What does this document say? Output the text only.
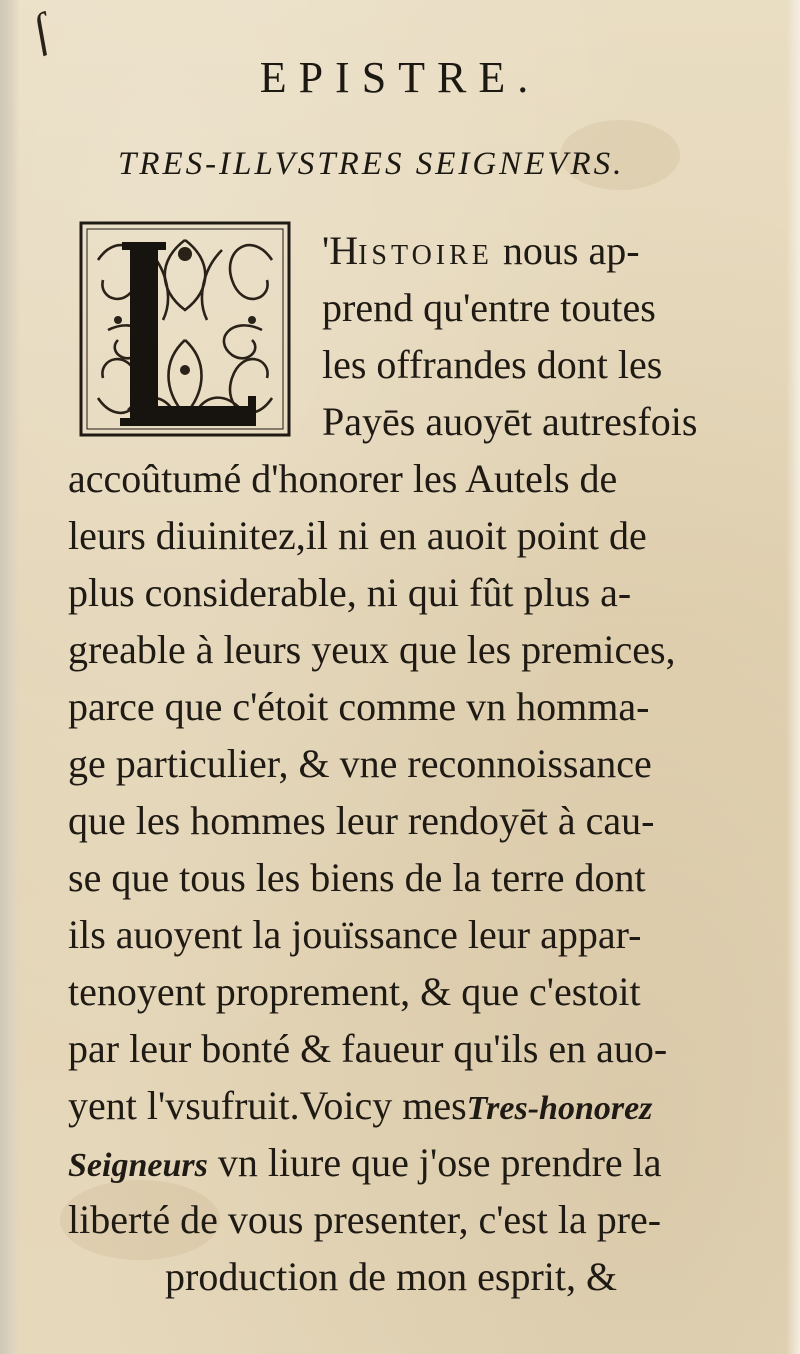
ſ
EPISTRE.
TRES-ILLVSTRES SEIGNEVRS.
'Histoire nous ap-
prend qu'entre toutes
les offrandes dont les
Payēs auoyēt autresfois
accoûtumé d'honorer les Autels de
leurs diuinitez,il ni en auoit point de
plus considerable, ni qui fût plus a-
greable à leurs yeux que les premices,
parce que c'étoit comme vn homma-
ge particulier, & vne reconnoissance
que les hommes leur rendoyēt à cau-
se que tous les biens de la terre dont
ils auoyent la jouïssance leur appar-
tenoyent proprement, & que c'estoit
par leur bonté & faueur qu'ils en auo-
yent l'vsufruit.Voicy mesTres-honorez
Seigneurs vn liure que j'ose prendre la
liberté de vous presenter, c'est la pre-
production de mon esprit, &
